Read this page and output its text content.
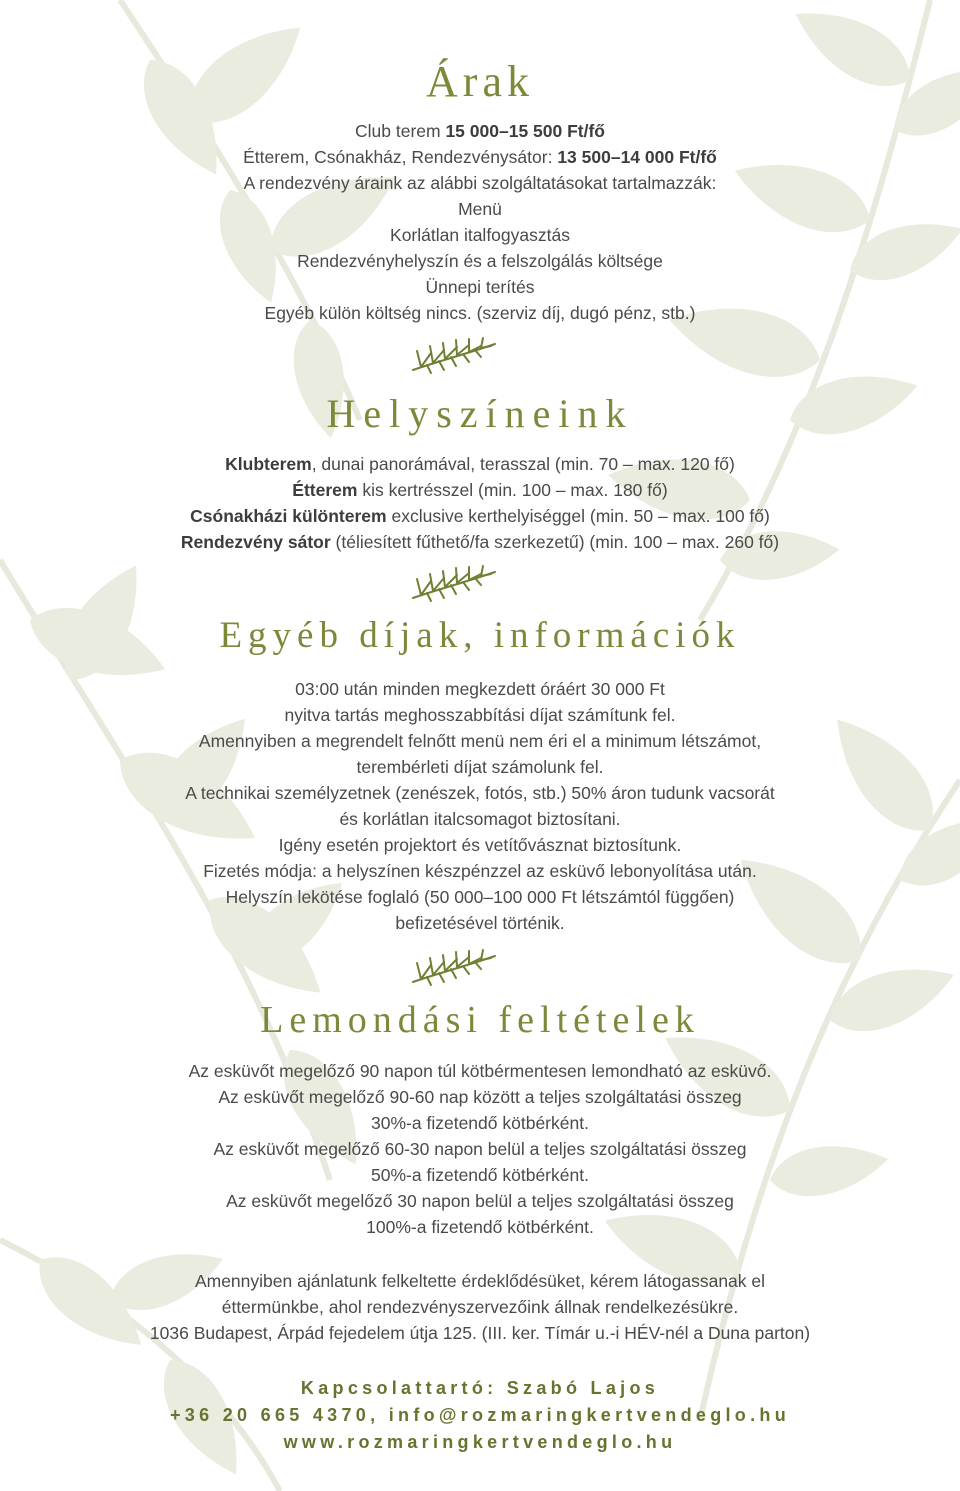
Árak
Club terem 15 000–15 500 Ft/fő
Étterem, Csónakház, Rendezvénysátor: 13 500–14 000 Ft/fő
A rendezvény áraink az alábbi szolgáltatásokat tartalmazzák:
Menü
Korlátlan italfogyasztás
Rendezvényhelyszín és a felszolgálás költsége
Ünnepi terítés
Egyéb külön költség nincs. (szerviz díj, dugó pénz, stb.)
Helyszíneink
Klubterem, dunai panorámával, terasszal (min. 70 – max. 120 fő)
Étterem kis kertrésszel (min. 100 – max. 180 fő)
Csónakházi különterem exclusive kerthelyiséggel (min. 50 – max. 100 fő)
Rendezvény sátor (téliesített fűthető/fa szerkezetű) (min. 100 – max. 260 fő)
Egyéb díjak, információk
03:00 után minden megkezdett óráért 30 000 Ft
nyitva tartás meghosszabbítási díjat számítunk fel.
Amennyiben a megrendelt felnőtt menü nem éri el a minimum létszámot,
terembérleti díjat számolunk fel.
A technikai személyzetnek (zenészek, fotós, stb.) 50% áron tudunk vacsorát
és korlátlan italcsomagot biztosítani.
Igény esetén projektort és vetítővásznat biztosítunk.
Fizetés módja: a helyszínen készpénzzel az esküvő lebonyolítása után.
Helyszín lekötése foglaló (50 000–100 000 Ft létszámtól függően)
befizetésével történik.
Lemondási feltételek
Az esküvőt megelőző 90 napon túl kötbérmentesen lemondható az esküvő.
Az esküvőt megelőző 90-60 nap között a teljes szolgáltatási összeg
30%-a fizetendő kötbérként.
Az esküvőt megelőző 60-30 napon belül a teljes szolgáltatási összeg
50%-a fizetendő kötbérként.
Az esküvőt megelőző 30 napon belül a teljes szolgáltatási összeg
100%-a fizetendő kötbérként.
Amennyiben ajánlatunk felkeltette érdeklődésüket, kérem látogassanak el
éttermünkbe, ahol rendezvényszervezőink állnak rendelkezésükre.
1036 Budapest, Árpád fejedelem útja 125. (III. ker. Tímár u.-i HÉV-nél a Duna parton)
Kapcsolattartó: Szabó Lajos
+36 20 665 4370, info@rozmaringkertvendeglo.hu
www.rozmaringkertvendeglo.hu
